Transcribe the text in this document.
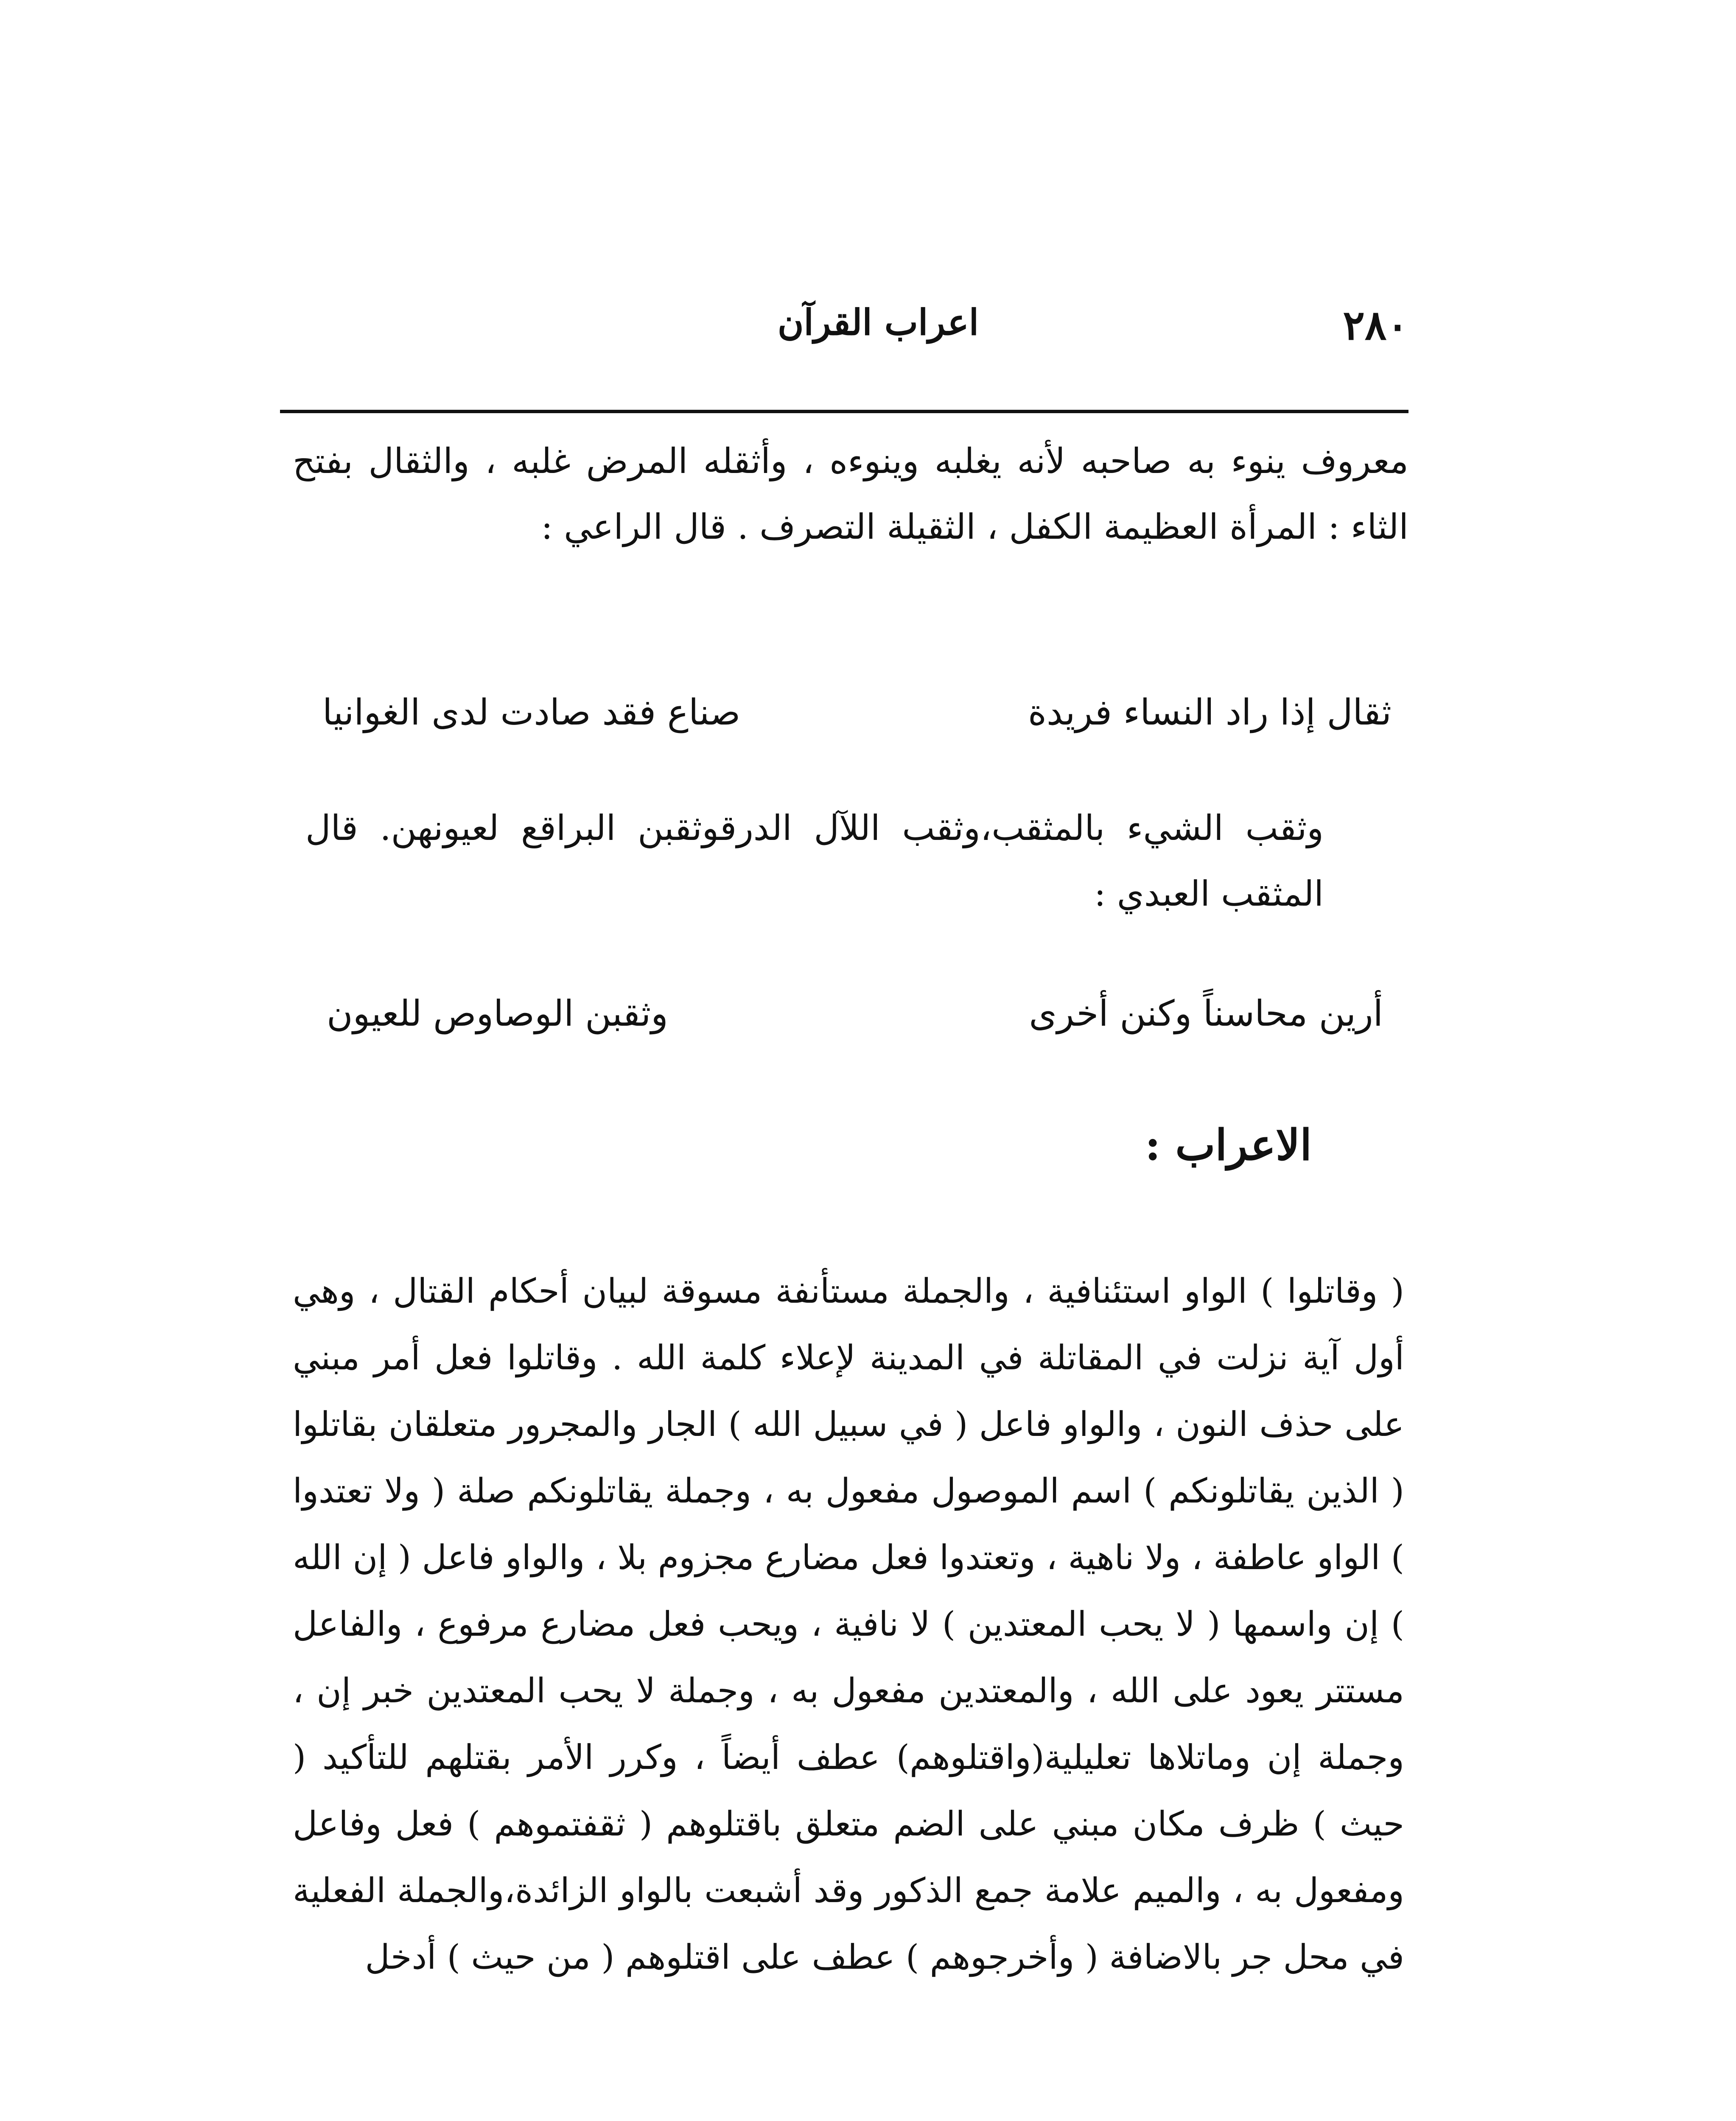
٢٨٠
اعراب القرآن
معروف ينوء به صاحبه لأنه يغلبه وينوءه ، وأثقله المرض غلبه ، والثقال بفتح الثاء : المرأة العظيمة الكفل ، الثقيلة التصرف . قال الراعي :
ثقال إذا راد النساء فريدة
صناع فقد صادت لدى الغوانيا
وثقب الشيء بالمثقب،وثقب اللآل الدرقوثقبن البراقع لعيونهن. قال المثقب العبدي :
أرين محاسناً وكنن أخرى
وثقبن الوصاوص للعيون
الاعراب :
( وقاتلوا ) الواو استئنافية ، والجملة مستأنفة مسوقة لبيان أحكام القتال ، وهي أول آية نزلت في المقاتلة في المدينة لإعلاء كلمة الله . وقاتلوا فعل أمر مبني على حذف النون ، والواو فاعل ( في سبيل الله ) الجار والمجرور متعلقان بقاتلوا ( الذين يقاتلونكم ) اسم الموصول مفعول به ، وجملة يقاتلونكم صلة ( ولا تعتدوا ) الواو عاطفة ، ولا ناهية ، وتعتدوا فعل مضارع مجزوم بلا ، والواو فاعل ( إن الله ) إن واسمها ( لا يحب المعتدين ) لا نافية ، ويحب فعل مضارع مرفوع ، والفاعل مستتر يعود على الله ، والمعتدين مفعول به ، وجملة لا يحب المعتدين خبر إن ، وجملة إن وماتلاها تعليلية(واقتلوهم) عطف أيضاً ، وكرر الأمر بقتلهم للتأكيد ( حيث ) ظرف مكان مبني على الضم متعلق باقتلوهم ( ثقفتموهم ) فعل وفاعل ومفعول به ، والميم علامة جمع الذكور وقد أشبعت بالواو الزائدة،والجملة الفعلية في محل جر بالاضافة ( وأخرجوهم ) عطف على اقتلوهم ( من حيث ) أدخل
